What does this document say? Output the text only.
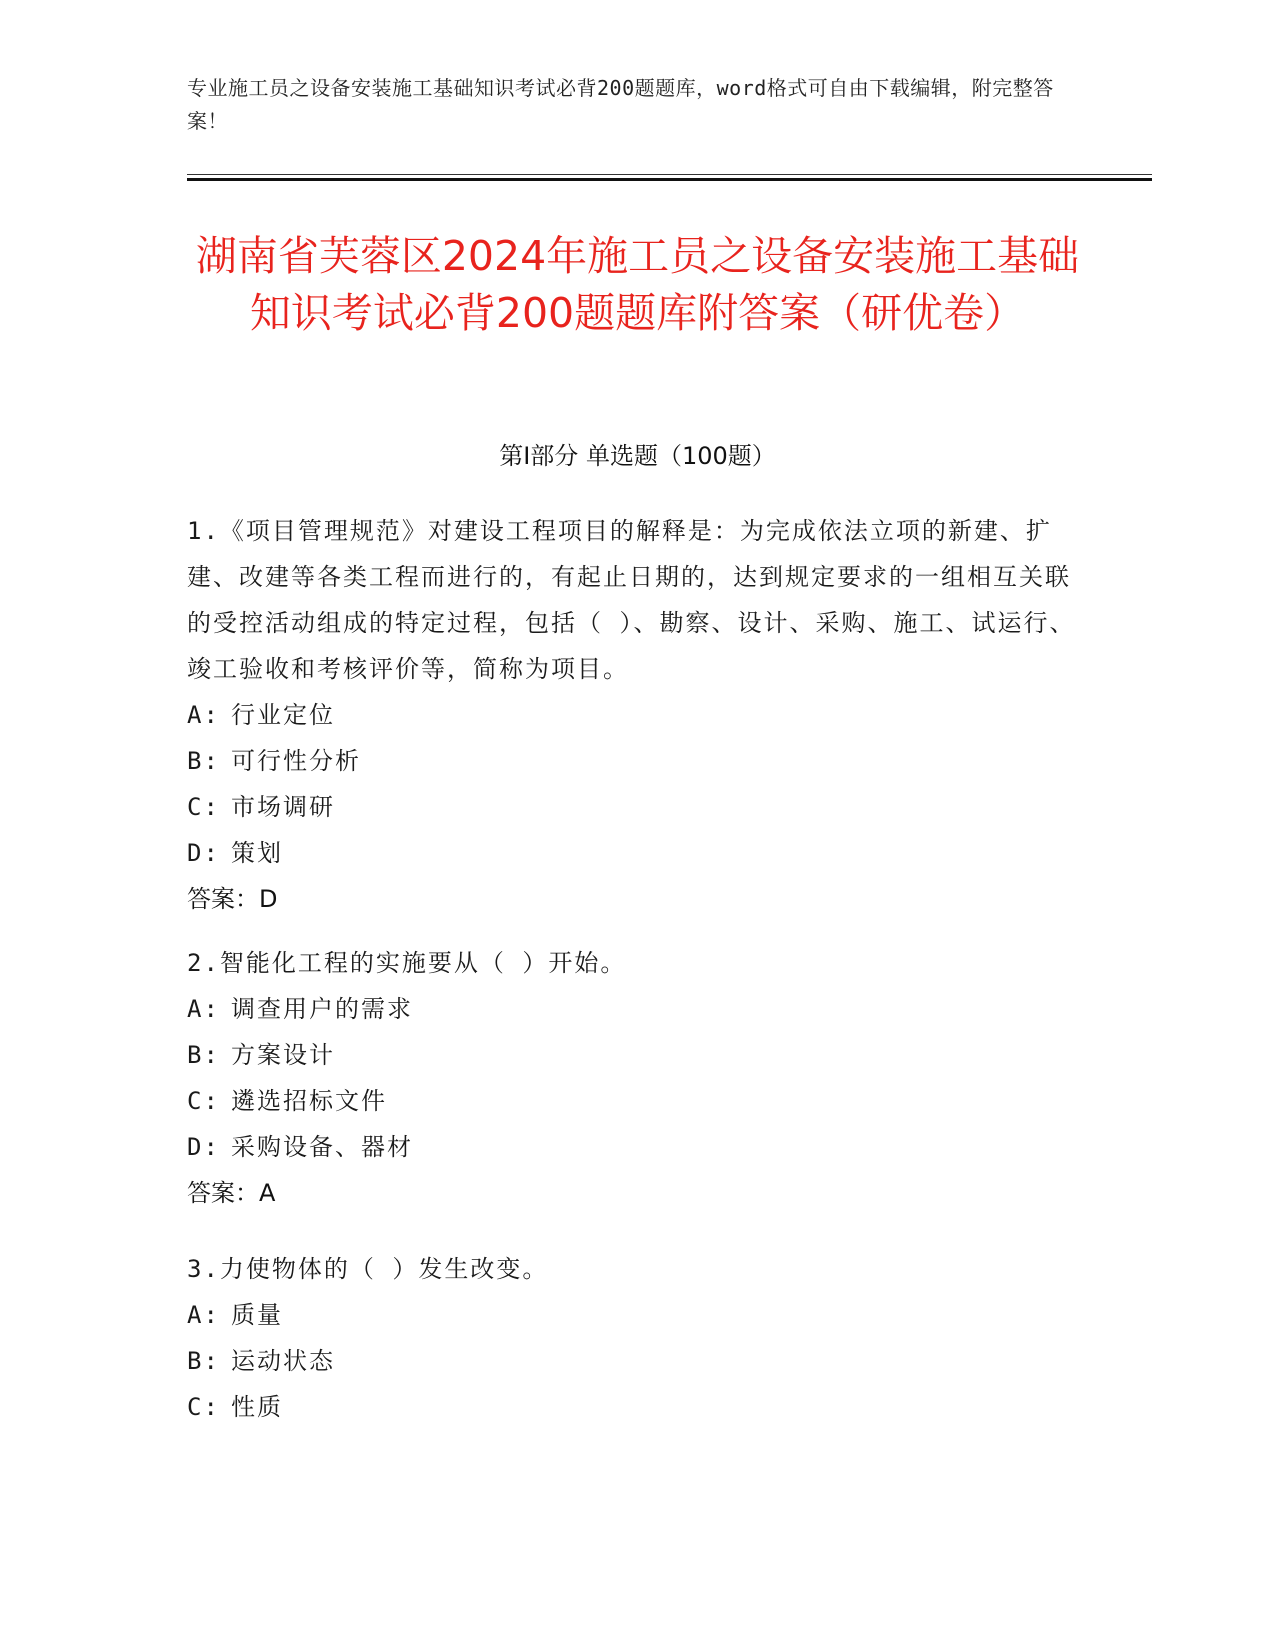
专业施工员之设备安装施工基础知识考试必背200题题库，word格式可自由下载编辑，附完整答案！
湖南省芙蓉区2024年施工员之设备安装施工基础知识考试必背200题题库附答案（研优卷）
第Ⅰ部分 单选题（100题）

1.《项目管理规范》对建设工程项目的解释是：为完成依法立项的新建、扩建、改建等各类工程而进行的，有起止日期的，达到规定要求的一组相互关联的受控活动组成的特定过程，包括（ ）、勘察、设计、采购、施工、试运行、竣工验收和考核评价等，简称为项目。

A: 行业定位

B: 可行性分析

C: 市场调研

D: 策划

答案：D

2.智能化工程的实施要从（ ）开始。

A: 调查用户的需求

B: 方案设计

C: 遴选招标文件

D: 采购设备、器材

答案：A

3.力使物体的（ ）发生改变。

A: 质量

B: 运动状态

C: 性质
